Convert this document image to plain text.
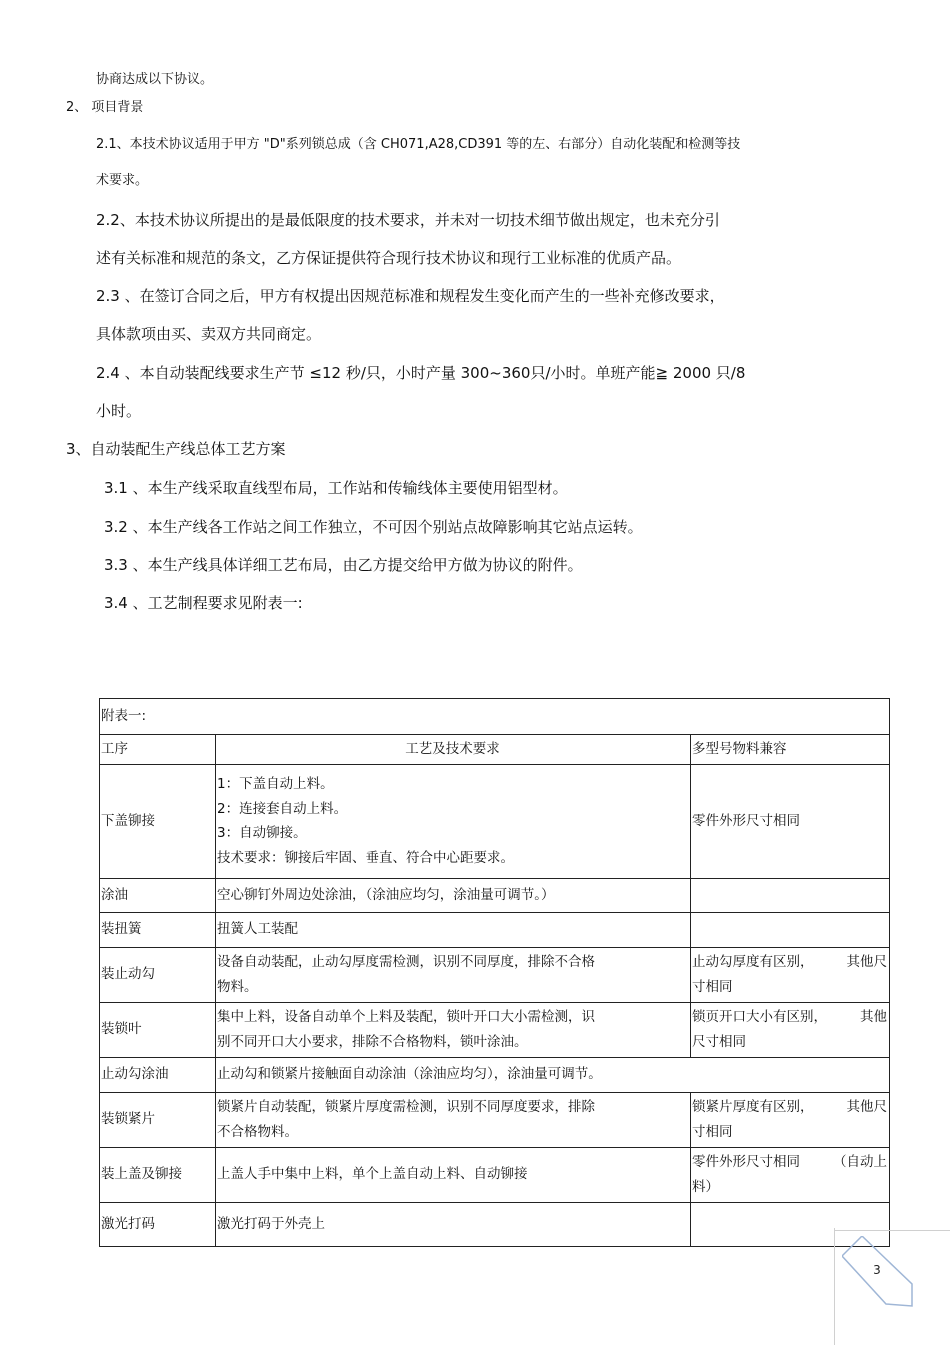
协商达成以下协议。
2、 项目背景
2.1、本技术协议适用于甲方 "D"系列锁总成（含 CH071,A28,CD391 等的左、右部分）自动化装配和检测等技
术要求。
2.2、本技术协议所提出的是最低限度的技术要求，并未对一切技术细节做出规定，也未充分引
述有关标准和规范的条文，乙方保证提供符合现行技术协议和现行工业标准的优质产品。
2.3 、在签订合同之后，甲方有权提出因规范标准和规程发生变化而产生的一些补充修改要求，
具体款项由买、卖双方共同商定。
2.4 、本自动装配线要求生产节 ≤12 秒/只，小时产量 300~360只/小时。单班产能≧ 2000 只/8
小时。
3、自动装配生产线总体工艺方案
3.1 、本生产线采取直线型布局，工作站和传输线体主要使用铝型材。
3.2 、本生产线各工作站之间工作独立，不可因个别站点故障影响其它站点运转。
3.3 、本生产线具体详细工艺布局，由乙方提交给甲方做为协议的附件。
3.4 、工艺制程要求见附表一:
附表一:		
工序	工艺及技术要求	多型号物料兼容
下盖铆接	1：下盖自动上料。
2：连接套自动上料。
3：自动铆接。
技术要求：铆接后牢固、垂直、符合中心距要求。	零件外形尺寸相同
涂油	空心铆钉外周边处涂油，（涂油应均匀，涂油量可调节。）	
装扭簧	扭簧人工装配	
装止动勾	设备自动装配，止动勾厚度需检测，识别不同厚度，排除不合格
物料。	止动勾厚度有区别， 其他尺
寸相同

装锁叶	集中上料，设备自动单个上料及装配，锁叶开口大小需检测，识
别不同开口大小要求，排除不合格物料，锁叶涂油。	锁页开口大小有区别， 其他
尺寸相同

止动勾涂油	止动勾和锁紧片接触面自动涂油（涂油应均匀），涂油量可调节。	
装锁紧片	锁紧片自动装配，锁紧片厚度需检测，识别不同厚度要求，排除
不合格物料。	锁紧片厚度有区别， 其他尺
寸相同

装上盖及铆接	上盖人手中集中上料，单个上盖自动上料、自动铆接	零件外形尺寸相同 （自动上
料）

激光打码	激光打码于外壳上	
3
